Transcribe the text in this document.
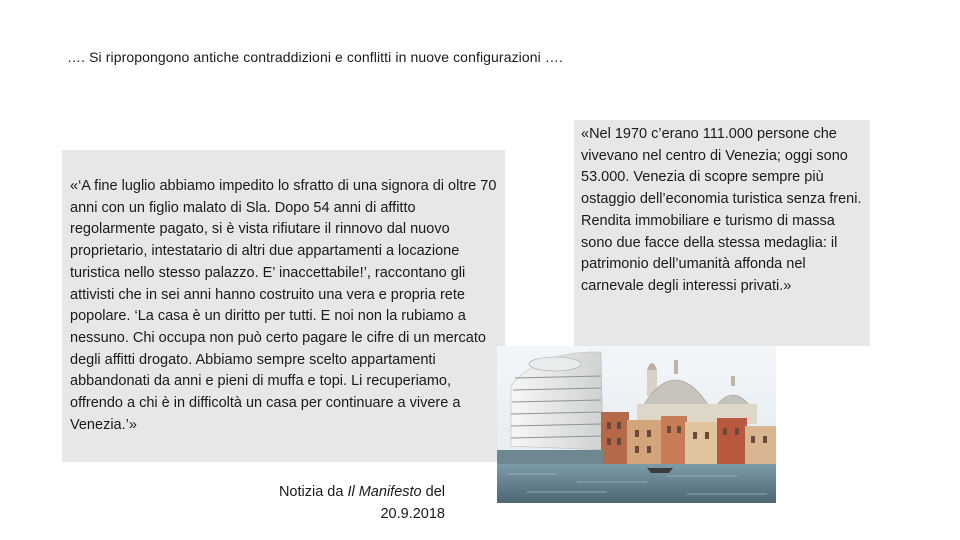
…. Si ripropongono antiche contraddizioni e conflitti in nuove configurazioni ….

«‘A fine luglio abbiamo impedito lo sfratto di una signora di oltre 70 anni con un figlio malato di Sla. Dopo 54 anni di affitto regolarmente pagato, si è vista rifiutare il rinnovo dal nuovo proprietario, intestatario di altri due appartamenti a locazione turistica nello stesso palazzo. E’ inaccettabile!’, raccontano gli attivisti che in sei anni hanno costruito una vera e propria rete popolare. ‘La casa è un diritto per tutti. E noi non la rubiamo a nessuno. Chi occupa non può certo pagare le cifre di un mercato degli affitti drogato. Abbiamo sempre scelto appartamenti abbandonati da anni e pieni di muffa e topi. Li recuperiamo, offrendo a chi è in difficoltà un casa per continuare a vivere a Venezia.’»

«Nel 1970 c’erano 111.000 persone che vivevano nel centro di Venezia; oggi sono 53.000. Venezia di scopre sempre più ostaggio dell’economia turistica senza freni. Rendita immobiliare e turismo di massa sono due facce della stessa medaglia: il patrimonio dell’umanità affonda nel carnevale degli interessi privati.»

Notizia da Il Manifesto del
20.9.2018
